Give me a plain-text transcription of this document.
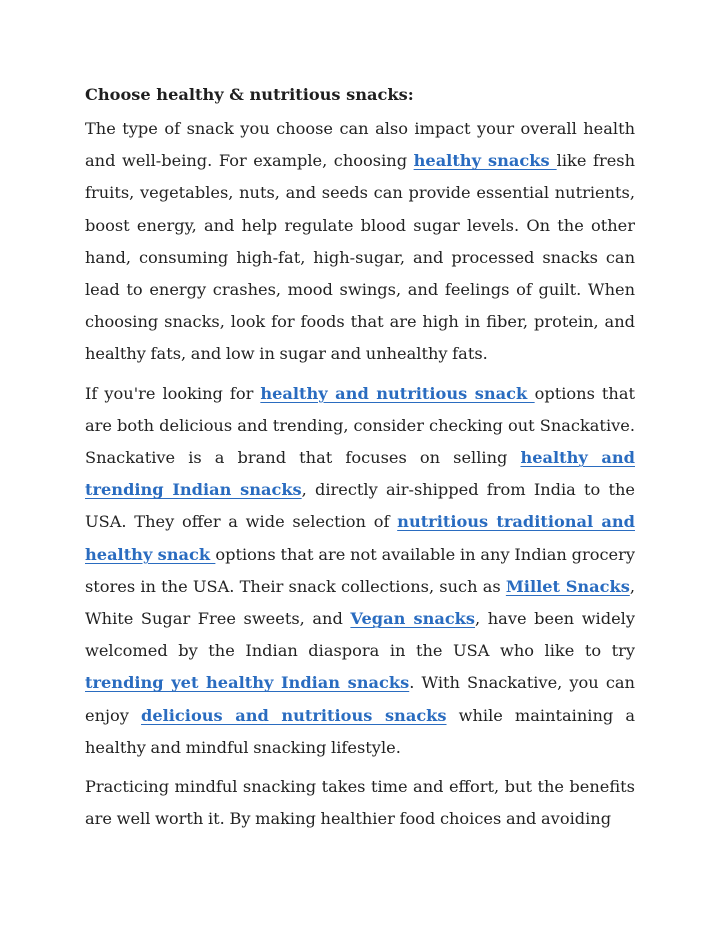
Choose healthy & nutritious snacks:

The type of snack you choose can also impact your overall health and well-being. For example, choosing healthy snacks like fresh fruits, vegetables, nuts, and seeds can provide essential nutrients, boost energy, and help regulate blood sugar levels. On the other hand, consuming high-fat, high-sugar, and processed snacks can lead to energy crashes, mood swings, and feelings of guilt. When choosing snacks, look for foods that are high in fiber, protein, and healthy fats, and low in sugar and unhealthy fats.

If you're looking for healthy and nutritious snack options that are both delicious and trending, consider checking out Snackative. Snackative is a brand that focuses on selling healthy and trending Indian snacks, directly air-shipped from India to the USA. They offer a wide selection of nutritious traditional and healthy snack options that are not available in any Indian grocery stores in the USA. Their snack collections, such as Millet Snacks, White Sugar Free sweets, and Vegan snacks, have been widely welcomed by the Indian diaspora in the USA who like to try trending yet healthy Indian snacks. With Snackative, you can enjoy delicious and nutritious snacks while maintaining a healthy and mindful snacking lifestyle.

Practicing mindful snacking takes time and effort, but the benefits are well worth it. By making healthier food choices and avoiding
